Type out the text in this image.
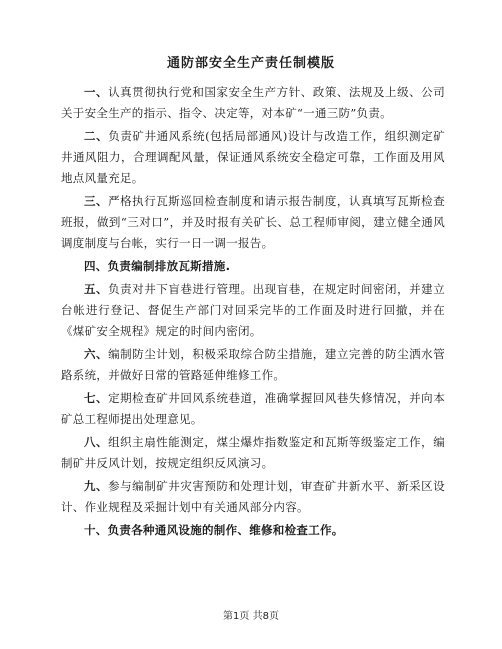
通防部安全生产责任制模版

一、认真贯彻执行党和国家安全生产方针、政策、法规及上级、公司关于安全生产的指示、指令、决定等，对本矿“一通三防”负责。

二、负责矿井通风系统(包括局部通风)设计与改造工作，组织测定矿井通风阻力，合理调配风量，保证通风系统安全稳定可靠，工作面及用风地点风量充足。

三、严格执行瓦斯巡回检查制度和请示报告制度，认真填写瓦斯检查班报，做到“三对口”，并及时报有关矿长、总工程师审阅，建立健全通风调度制度与台帐，实行一日一调一报告。

四、负责编制排放瓦斯措施.

五、负责对井下盲巷进行管理。出现盲巷，在规定时间密闭，并建立台帐进行登记、督促生产部门对回采完毕的工作面及时进行回撤，并在《煤矿安全规程》规定的时间内密闭。

六、编制防尘计划，积极采取综合防尘措施，建立完善的防尘洒水管路系统，并做好日常的管路延伸维修工作。

七、定期检查矿井回风系统巷道，准确掌握回风巷失修情况，并向本矿总工程师提出处理意见。

八、组织主扇性能测定，煤尘爆炸指数鉴定和瓦斯等级鉴定工作，编制矿井反风计划，按规定组织反风演习。

九、参与编制矿井灾害预防和处理计划，审查矿井新水平、新采区设计、作业规程及采掘计划中有关通风部分内容。

十、负责各种通风设施的制作、维修和检查工作。

第1页 共8页
